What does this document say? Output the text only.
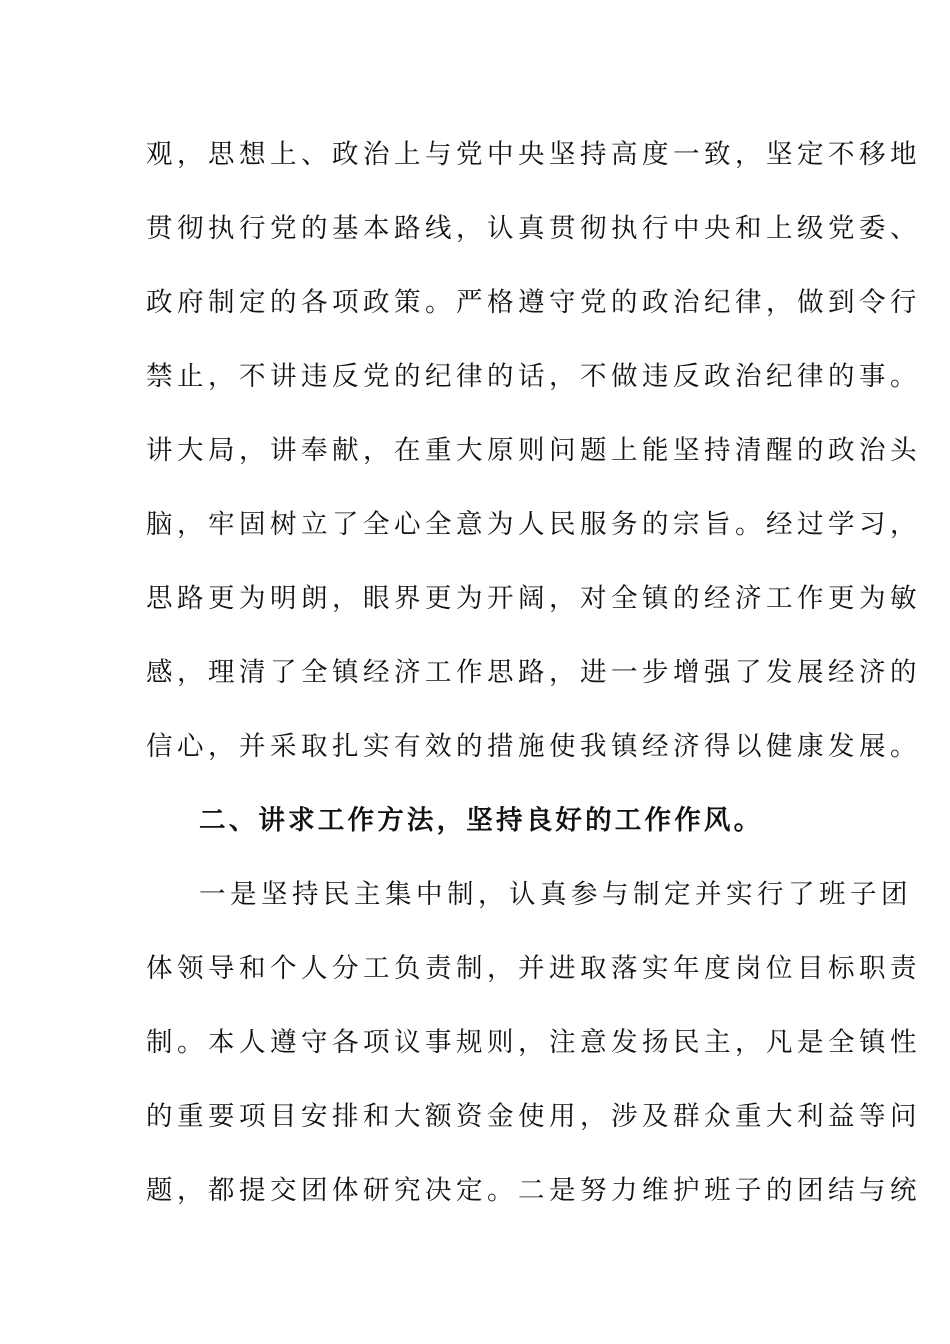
观，思想上、政治上与党中央坚持高度一致，坚定不移地
贯彻执行党的基本路线，认真贯彻执行中央和上级党委、
政府制定的各项政策。严格遵守党的政治纪律，做到令行
禁止，不讲违反党的纪律的话，不做违反政治纪律的事。
讲大局，讲奉献，在重大原则问题上能坚持清醒的政治头
脑，牢固树立了全心全意为人民服务的宗旨。经过学习，
思路更为明朗，眼界更为开阔，对全镇的经济工作更为敏
感，理清了全镇经济工作思路，进一步增强了发展经济的
信心，并采取扎实有效的措施使我镇经济得以健康发展。
二、讲求工作方法，坚持良好的工作作风。
一是坚持民主集中制，认真参与制定并实行了班子团
体领导和个人分工负责制，并进取落实年度岗位目标职责
制。本人遵守各项议事规则，注意发扬民主，凡是全镇性
的重要项目安排和大额资金使用，涉及群众重大利益等问
题，都提交团体研究决定。二是努力维护班子的团结与统
